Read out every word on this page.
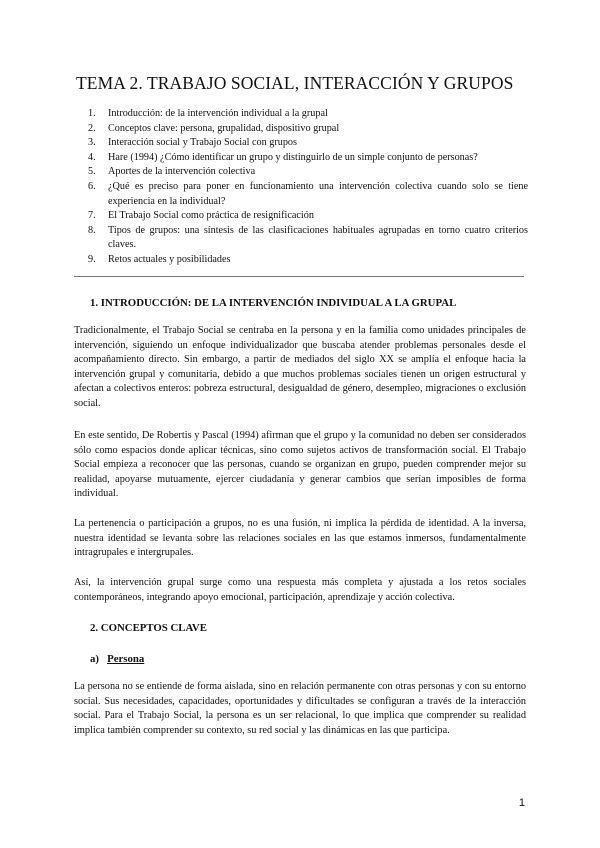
TEMA 2. TRABAJO SOCIAL, INTERACCIÓN Y GRUPOS
1.	Introducción: de la intervención individual a la grupal
2.	Conceptos clave: persona, grupalidad, dispositivo grupal
3.	Interacción social y Trabajo Social con grupos
4.	Hare (1994) ¿Cómo identificar un grupo y distinguirlo de un simple conjunto de personas?
5.	Aportes de la intervención colectiva
6.	¿Qué es preciso para poner en funcionamiento una intervención colectiva cuando solo se tiene experiencia en la individual?
7.	El Trabajo Social como práctica de resignificación
8.	Tipos de grupos: una síntesis de las clasificaciones habituales agrupadas en torno cuatro criterios claves.
9.	Retos actuales y posibilidades
1. INTRODUCCIÓN: DE LA INTERVENCIÓN INDIVIDUAL A LA GRUPAL

Tradicionalmente, el Trabajo Social se centraba en la persona y en la familia como unidades principales de intervención, siguiendo un enfoque individualizador que buscaba atender problemas personales desde el acompañamiento directo. Sin embargo, a partir de mediados del siglo XX se amplía el enfoque hacia la intervención grupal y comunitaria, debido a que muchos problemas sociales tienen un origen estructural y afectan a colectivos enteros: pobreza estructural, desigualdad de género, desempleo, migraciones o exclusión social.

En este sentido, De Robertis y Pascal (1994) afirman que el grupo y la comunidad no deben ser considerados sólo como espacios donde aplicar técnicas, sino como sujetos activos de transformación social. El Trabajo Social empieza a reconocer que las personas, cuando se organizan en grupo, pueden comprender mejor su realidad, apoyarse mutuamente, ejercer ciudadanía y generar cambios que serían imposibles de forma individual.

La pertenencia o participación a grupos, no es una fusión, ni implica la pérdida de identidad. A la inversa, nuestra identidad se levanta sobre las relaciones sociales en las que estamos inmersos, fundamentalmente intragrupales e intergrupales.

Así, la intervención grupal surge como una respuesta más completa y ajustada a los retos sociales contemporáneos, integrando apoyo emocional, participación, aprendizaje y acción colectiva.

2. CONCEPTOS CLAVE
a)   Persona

La persona no se entiende de forma aislada, sino en relación permanente con otras personas y con su entorno social. Sus necesidades, capacidades, oportunidades y dificultades se configuran a través de la interacción social. Para el Trabajo Social, la persona es un ser relacional, lo que implica que comprender su realidad implica también comprender su contexto, su red social y las dinámicas en las que participa.

1
